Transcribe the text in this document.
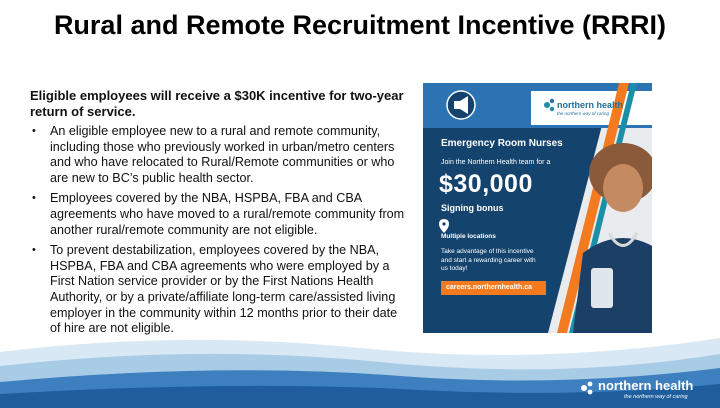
Rural and Remote Recruitment Incentive (RRRI)

Eligible employees will receive a $30K incentive for two-year return of service.

• An eligible employee new to a rural and remote community, including those who previously worked in urban/metro centers and who have relocated to Rural/Remote communities or who are new to BC’s public health sector.
• Employees covered by the NBA, HSPBA, FBA and CBA agreements who have moved to a rural/remote community from another rural/remote community are not eligible.
• To prevent destabilization, employees covered by the NBA, HSPBA, FBA and CBA agreements who were employed by a First Nation service provider or by the First Nations Health Authority, or by a private/affiliate long-term care/assisted living employer in the community within 12 months prior to their date of hire are not eligible.
northern health
the northern way of caring
Emergency Room Nurses
Join the Northern Health team for a
$30,000
Signing bonus
Multiple locations
Take advantage of this incentive and start a rewarding career with us today!
careers.northernhealth.ca
northern health
the northern way of caring
